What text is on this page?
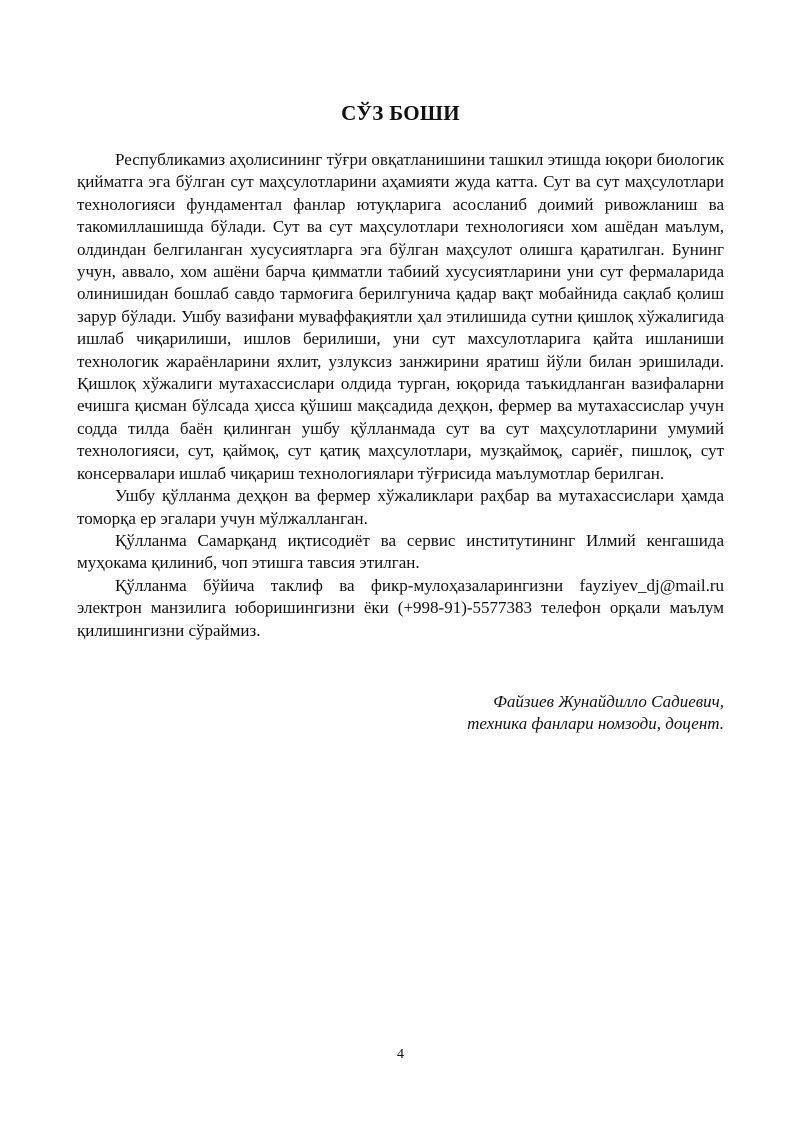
СЎЗ БОШИ

Республикамиз аҳолисининг тўғри овқатланишини ташкил этишда юқори биологик қийматга эга бўлган сут маҳсулотларини аҳамияти жуда катта. Сут ва сут маҳсулотлари технологияси фундаментал фанлар ютуқларига асосланиб доимий ривожланиш ва такомиллашишда бўлади. Сут ва сут маҳсулотлари технологияси хом ашёдан маълум, олдиндан белгиланган хусусиятларга эга бўлган маҳсулот олишга қаратилган. Бунинг учун, аввало, хом ашёни барча қимматли табиий хусусиятларини уни сут фермаларида олинишидан бошлаб савдо тармоғига берилгунича қадар вақт мобайнида сақлаб қолиш зарур бўлади. Ушбу вазифани муваффақиятли ҳал этилишида сутни қишлоқ хўжалигида ишлаб чиқарилиши, ишлов берилиши, уни сут махсулотларига қайта ишланиши технологик жараёнларини яхлит, узлуксиз занжирини яратиш йўли билан эришилади. Қишлоқ хўжалиги мутахассислари олдида турган, юқорида таъкидланган вазифаларни ечишга қисман бўлсада ҳисса қўшиш мақсадида деҳқон, фермер ва мутахассислар учун содда тилда баён қилинган ушбу қўлланмада сут ва сут маҳсулотларини умумий технологияси, сут, қаймоқ, сут қатиқ маҳсулотлари, музқаймоқ, сариёғ, пишлоқ, сут консервалари ишлаб чиқариш технологиялари тўғрисида маълумотлар берилган.

Ушбу қўлланма деҳқон ва фермер хўжаликлари раҳбар ва мутахассислари ҳамда томорқа ер эгалари учун мўлжалланган.

Қўлланма Самарқанд иқтисодиёт ва сервис институтининг Илмий кенгашида муҳокама қилиниб, чоп этишга тавсия этилган.

Қўлланма бўйича таклиф ва фикр-мулоҳазаларингизни fayziyev_dj@mail.ru электрон манзилига юборишингизни ёки (+998-91)-5577383 телефон орқали маълум қилишингизни сўраймиз.

Файзиев Жунайдилло Садиевич,
техника фанлари номзоди, доцент.
4
